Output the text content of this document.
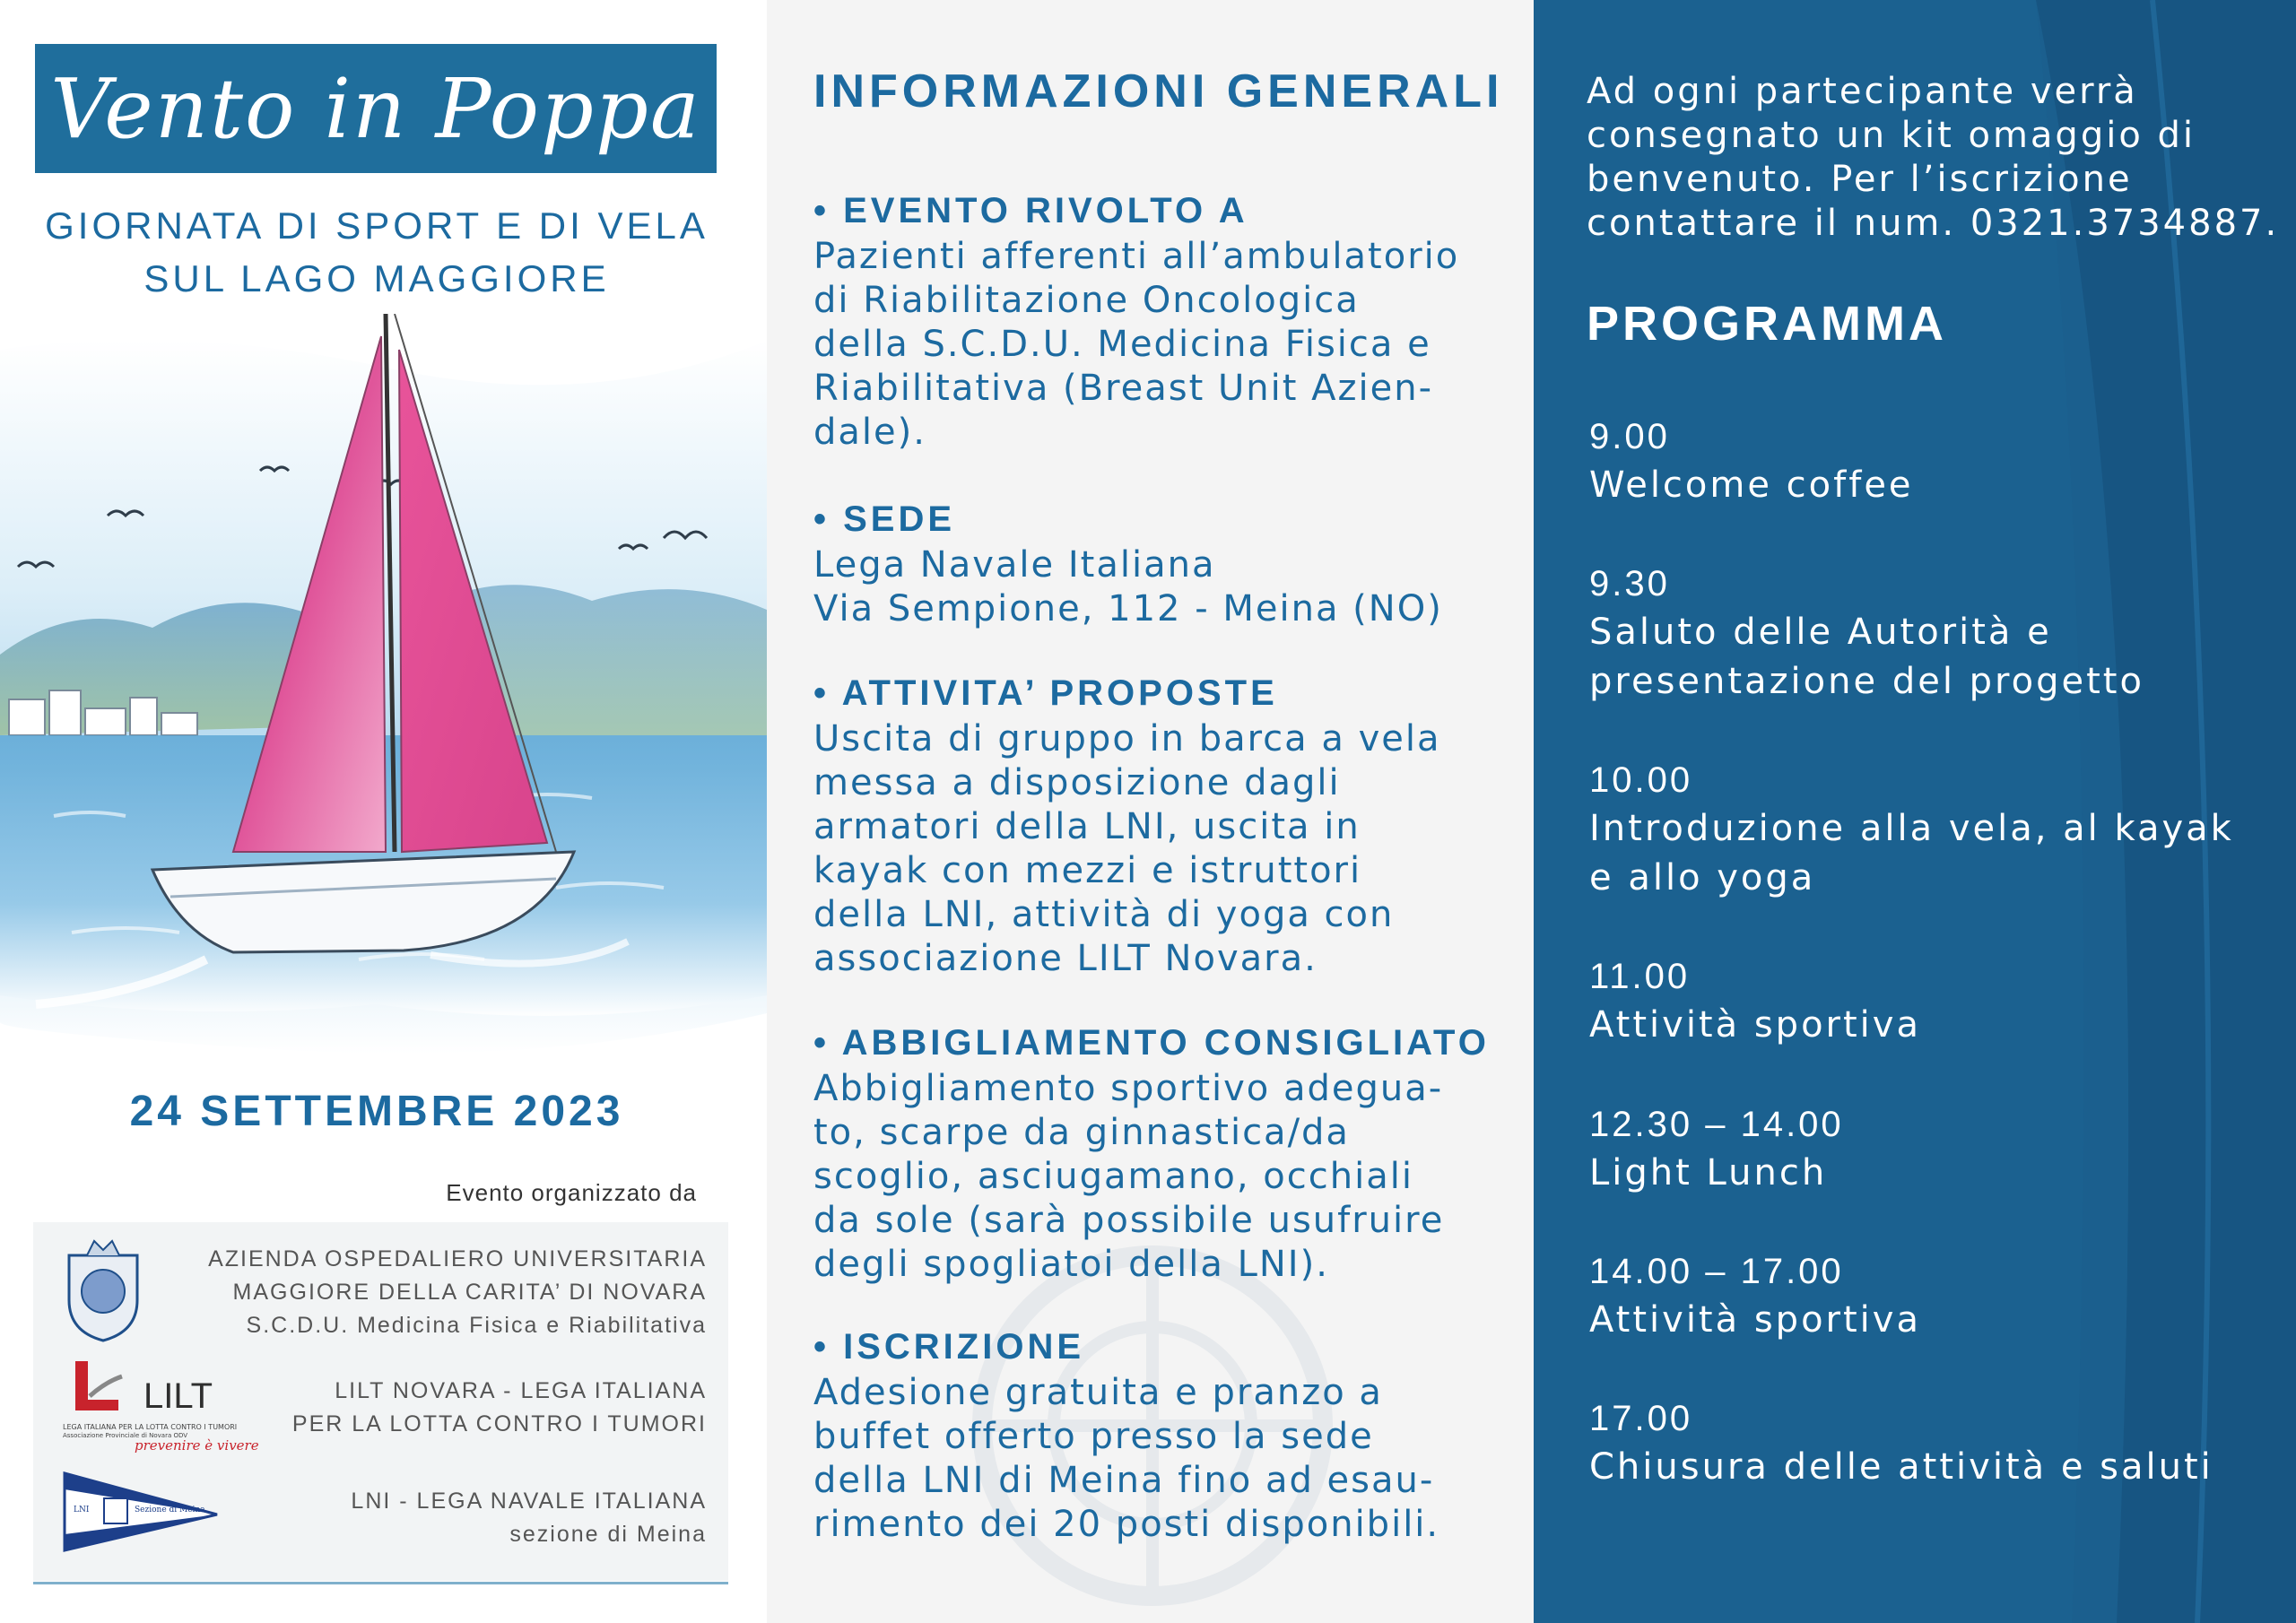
Vento in Poppa
GIORNATA DI SPORT E DI VELA
SUL LAGO MAGGIORE
24 SETTEMBRE 2023
Evento organizzato da
AZIENDA OSPEDALIERO UNIVERSITARIA
MAGGIORE DELLA CARITA’ DI NOVARA
S.C.D.U. Medicina Fisica e Riabilitativa
LILT
LEGA ITALIANA PER LA LOTTA CONTRO I TUMORI
Associazione Provinciale di Novara ODV
prevenire è vivere
LILT NOVARA - LEGA ITALIANA
PER LA LOTTA CONTRO I TUMORI
LNI	Sezione di Meina	LNI - LEGA NAVALE ITALIANA
sezione di Meina
INFORMAZIONI GENERALI
• EVENTO RIVOLTO A
Pazienti afferenti all’ambulatorio
di Riabilitazione Oncologica
della S.C.D.U. Medicina Fisica e
Riabilitativa (Breast Unit Azien-
dale).
• SEDE
Lega Navale Italiana
Via Sempione, 112 - Meina (NO)
• ATTIVITA’ PROPOSTE
Uscita di gruppo in barca a vela
messa a disposizione dagli
armatori della LNI, uscita in
kayak con mezzi e istruttori
della LNI, attività di yoga con
associazione LILT Novara.
• ABBIGLIAMENTO CONSIGLIATO
Abbigliamento sportivo adegua-
to, scarpe da ginnastica/da
scoglio, asciugamano, occhiali
da sole (sarà possibile usufruire
degli spogliatoi della LNI).
• ISCRIZIONE
Adesione gratuita e pranzo a
buffet offerto presso la sede
della LNI di Meina fino ad esau-
rimento dei 20 posti disponibili.
Ad ogni partecipante verrà
consegnato un kit omaggio di
benvenuto. Per l’iscrizione
contattare il num. 0321.3734887.
PROGRAMMA
9.00
Welcome coffee
9.30
Saluto delle Autorità e
presentazione del progetto
10.00
Introduzione alla vela, al kayak
e allo yoga
11.00
Attività sportiva
12.30 – 14.00
Light Lunch
14.00 – 17.00
Attività sportiva
17.00
Chiusura delle attività e saluti
